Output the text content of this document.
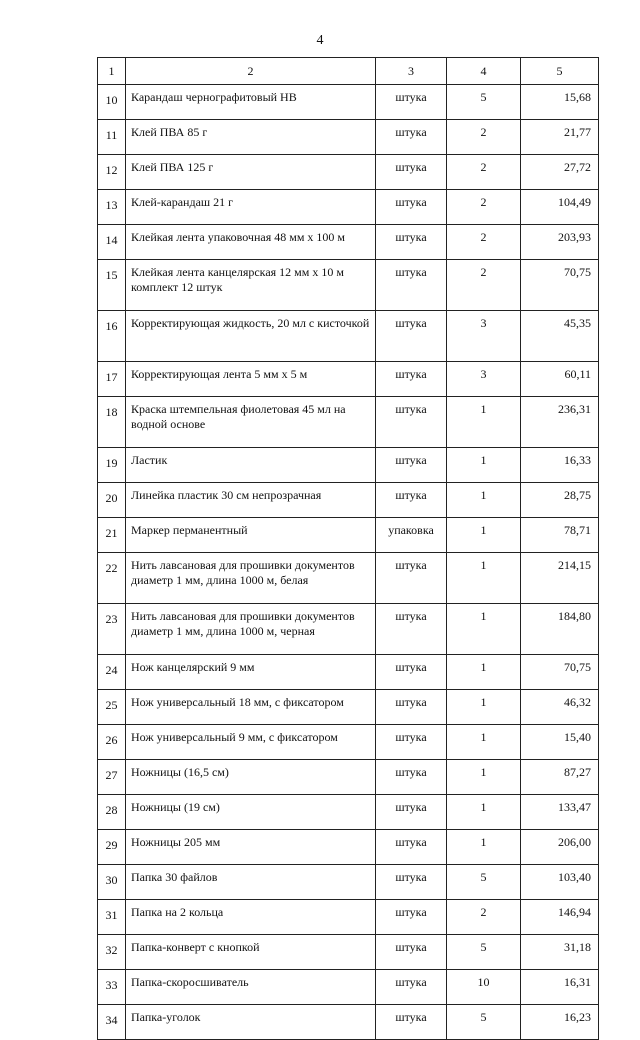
4
1	2	3	4	5
10	Карандаш чернографитовый HB	штука	5	15,68
11	Клей ПВА 85 г	штука	2	21,77
12	Клей ПВА 125 г	штука	2	27,72
13	Клей-карандаш 21 г	штука	2	104,49
14	Клейкая лента упаковочная 48 мм х 100 м	штука	2	203,93
15	Клейкая лента канцелярская 12 мм х 10 м комплект 12 штук	штука	2	70,75
16	Корректирующая жидкость, 20 мл с кисточкой	штука	3	45,35
17	Корректирующая лента 5 мм х 5 м	штука	3	60,11
18	Краска штемпельная фиолетовая 45 мл на водной основе	штука	1	236,31
19	Ластик	штука	1	16,33
20	Линейка пластик 30 см непрозрачная	штука	1	28,75
21	Маркер перманентный	упаковка	1	78,71
22	Нить лавсановая для прошивки документов диаметр 1 мм, длина 1000 м, белая	штука	1	214,15
23	Нить лавсановая для прошивки документов диаметр 1 мм, длина 1000 м, черная	штука	1	184,80
24	Нож канцелярский 9 мм	штука	1	70,75
25	Нож универсальный 18 мм, с фиксатором	штука	1	46,32
26	Нож универсальный 9 мм, с фиксатором	штука	1	15,40
27	Ножницы (16,5 см)	штука	1	87,27
28	Ножницы (19 см)	штука	1	133,47
29	Ножницы 205 мм	штука	1	206,00
30	Папка 30 файлов	штука	5	103,40
31	Папка на 2 кольца	штука	2	146,94
32	Папка-конверт с кнопкой	штука	5	31,18
33	Папка-скоросшиватель	штука	10	16,31
34	Папка-уголок	штука	5	16,23
